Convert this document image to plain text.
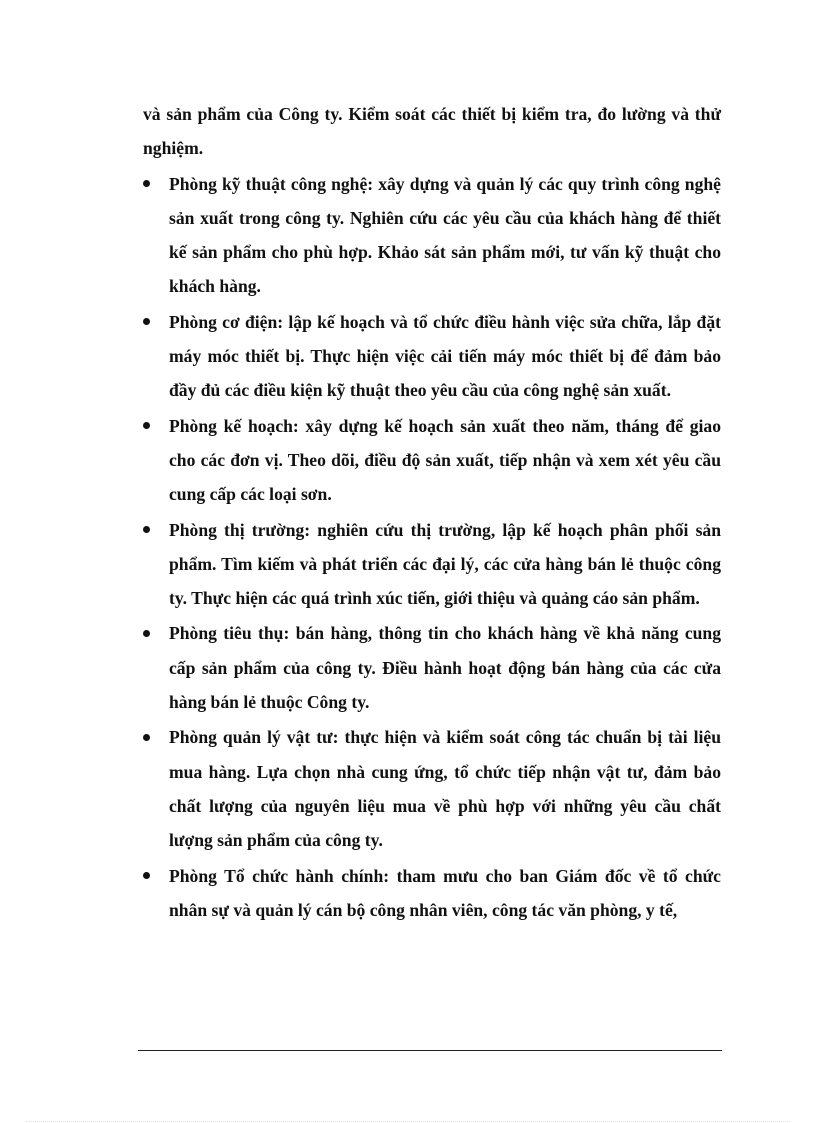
và sản phẩm của Công ty. Kiểm soát các thiết bị kiểm tra, đo lường và thử nghiệm.

Phòng kỹ thuật công nghệ: xây dựng và quản lý các quy trình công nghệ sản xuất trong công ty. Nghiên cứu các yêu cầu của khách hàng để thiết kế sản phẩm cho phù hợp. Khảo sát sản phẩm mới, tư vấn kỹ thuật cho khách hàng.
Phòng cơ điện: lập kế hoạch và tổ chức điều hành việc sửa chữa, lắp đặt máy móc thiết bị. Thực hiện việc cải tiến máy móc thiết bị để đảm bảo đầy đủ các điều kiện kỹ thuật theo yêu cầu của công nghệ sản xuất.
Phòng kế hoạch: xây dựng kế hoạch sản xuất theo năm, tháng để giao cho các đơn vị. Theo dõi, điều độ sản xuất, tiếp nhận và xem xét yêu cầu cung cấp các loại sơn.
Phòng thị trường: nghiên cứu thị trường, lập kế hoạch phân phối sản phẩm. Tìm kiếm và phát triển các đại lý, các cửa hàng bán lẻ thuộc công ty. Thực hiện các quá trình xúc tiến, giới thiệu và quảng cáo sản phẩm.
Phòng tiêu thụ: bán hàng, thông tin cho khách hàng về khả năng cung cấp sản phẩm của công ty. Điều hành hoạt động bán hàng của các cửa hàng bán lẻ thuộc Công ty.
Phòng quản lý vật tư: thực hiện và kiểm soát công tác chuẩn bị tài liệu mua hàng. Lựa chọn nhà cung ứng, tổ chức tiếp nhận vật tư, đảm bảo chất lượng của nguyên liệu mua về phù hợp với những yêu cầu chất lượng sản phẩm của công ty.
Phòng Tổ chức hành chính: tham mưu cho ban Giám đốc về tổ chức nhân sự và quản lý cán bộ công nhân viên, công tác văn phòng, y tế,
